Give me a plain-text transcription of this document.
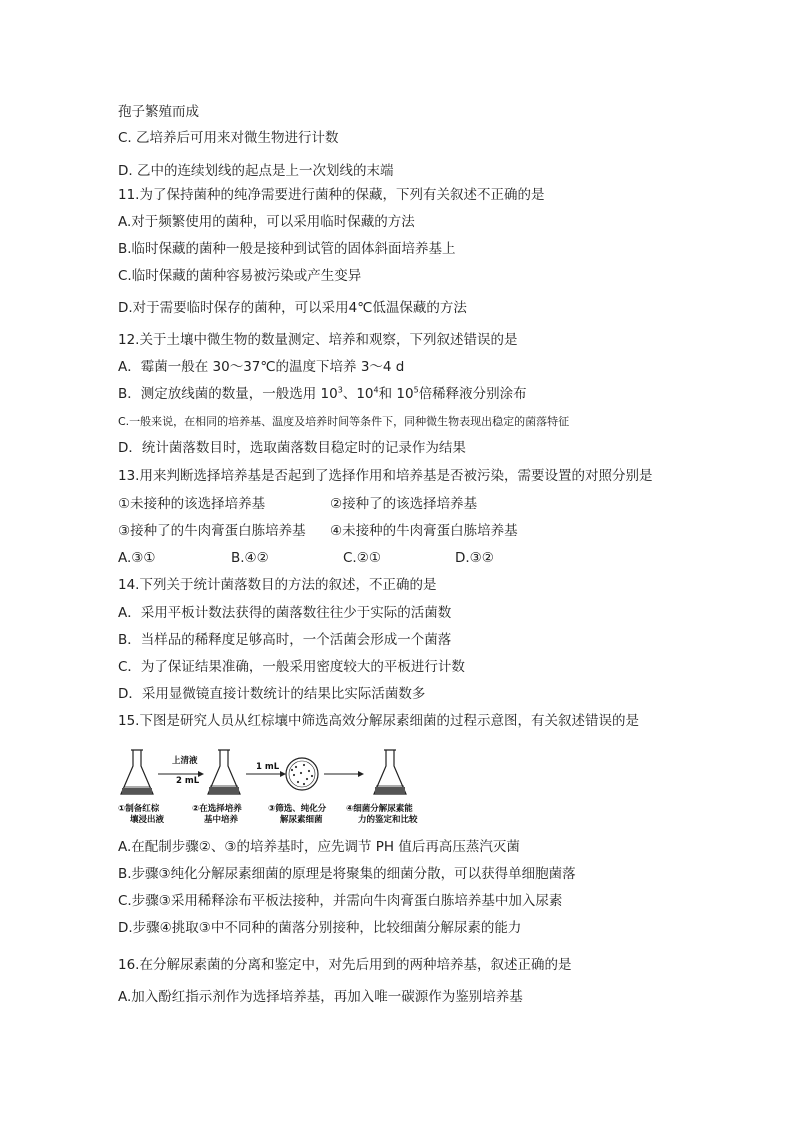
孢子繁殖而成
C. 乙培养后可用来对微生物进行计数
D. 乙中的连续划线的起点是上一次划线的末端
11.为了保持菌种的纯净需要进行菌种的保藏，下列有关叙述不正确的是
A.对于频繁使用的菌种，可以采用临时保藏的方法
B.临时保藏的菌种一般是接种到试管的固体斜面培养基上
C.临时保藏的菌种容易被污染或产生变异
D.对于需要临时保存的菌种，可以采用4℃低温保藏的方法
12.关于土壤中微生物的数量测定、培养和观察，下列叙述错误的是
A．霉菌一般在 30～37℃的温度下培养 3～4 d
B．测定放线菌的数量，一般选用 $10^3$、$10^4$和 $10^5$倍稀释液分别涂布
C.一般来说，在相同的培养基、温度及培养时间等条件下，同种微生物表现出稳定的菌落特征
D．统计菌落数目时，选取菌落数目稳定时的记录作为结果
13.用来判断选择培养基是否起到了选择作用和培养基是否被污染，需要设置的对照分别是
①未接种的该选择培养基	②接种了的该选择培养基
③接种了的牛肉膏蛋白胨培养基 ④未接种的牛肉膏蛋白胨培养基
A.③①	B.④②	C.②①	D.③②
14.下列关于统计菌落数目的方法的叙述，不正确的是
A．采用平板计数法获得的菌落数往往少于实际的活菌数
B．当样品的稀释度足够高时，一个活菌会形成一个菌落
C．为了保证结果准确，一般采用密度较大的平板进行计数
D．采用显微镜直接计数统计的结果比实际活菌数多
15.下图是研究人员从红棕壤中筛选高效分解尿素细菌的过程示意图，有关叙述错误的是
上清液
2 mL
1 mL
①制备红棕
壤浸出液
②在选择培养
基中培养
③筛选、纯化分
解尿素细菌
④细菌分解尿素能
力的鉴定和比较
A.在配制步骤②、③的培养基时，应先调节 PH 值后再高压蒸汽灭菌
B.步骤③纯化分解尿素细菌的原理是将聚集的细菌分散，可以获得单细胞菌落
C.步骤③采用稀释涂布平板法接种，并需向牛肉膏蛋白胨培养基中加入尿素
D.步骤④挑取③中不同种的菌落分别接种，比较细菌分解尿素的能力
16.在分解尿素菌的分离和鉴定中，对先后用到的两种培养基，叙述正确的是
A.加入酚红指示剂作为选择培养基，再加入唯一碳源作为鉴别培养基
